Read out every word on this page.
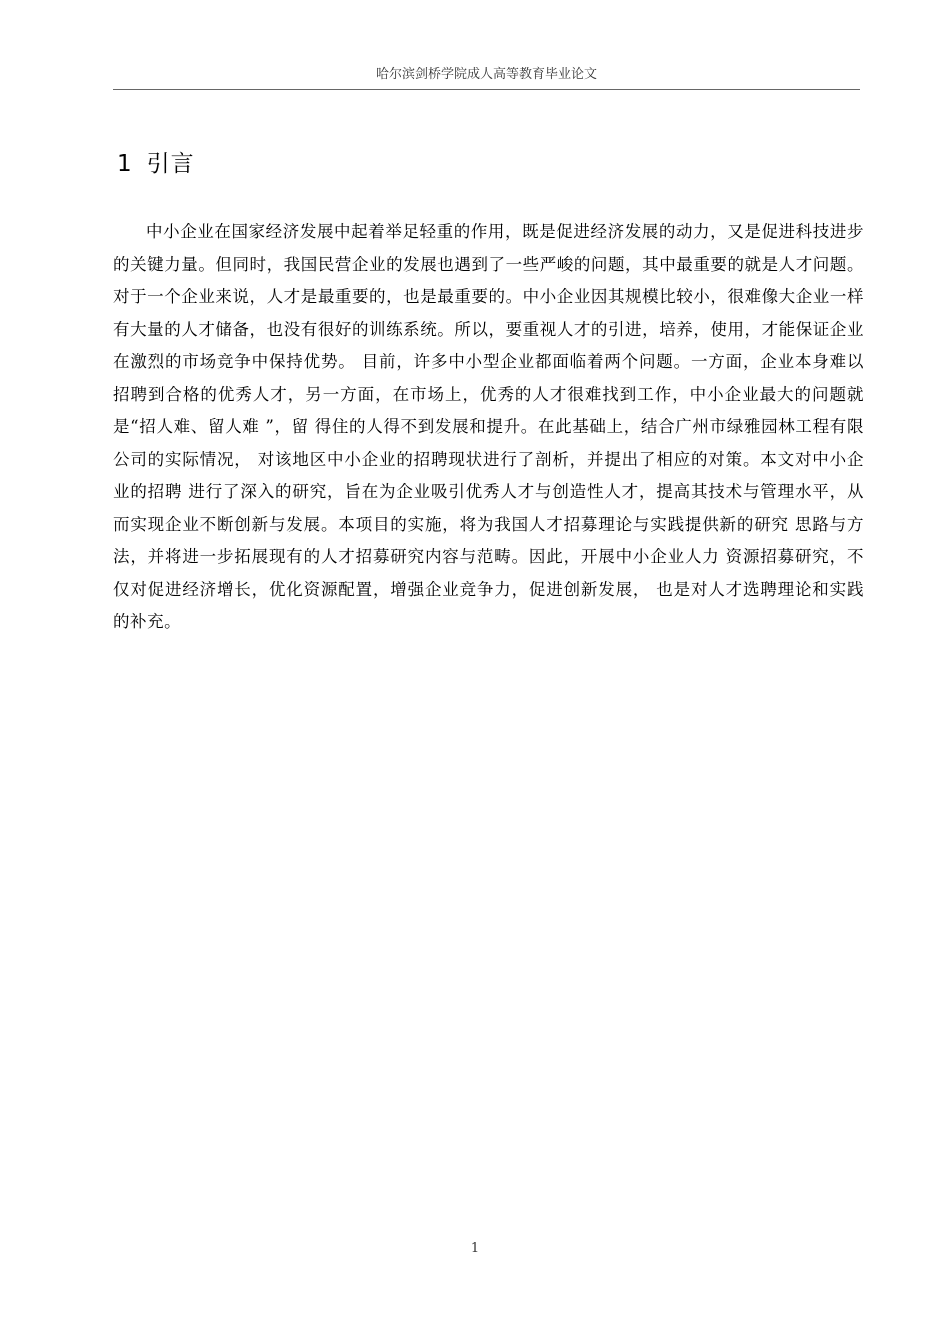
哈尔滨剑桥学院成人高等教育毕业论文
1 引言

中小企业在国家经济发展中起着举足轻重的作用，既是促进经济发展的动力，又是促进科技进步的关键力量。但同时，我国民营企业的发展也遇到了一些严峻的问题，其中最重要的就是人才问题。对于一个企业来说，人才是最重要的，也是最重要的。中小企业因其规模比较小，很难像大企业一样有大量的人才储备，也没有很好的训练系统。所以，要重视人才的引进，培养，使用，才能保证企业在激烈的市场竞争中保持优势。 目前，许多中小型企业都面临着两个问题。一方面，企业本身难以招聘到合格的优秀人才，另一方面，在市场上，优秀的人才很难找到工作，中小企业最大的问题就是“招人难、留人难 ”，留 得住的人得不到发展和提升。在此基础上，结合广州市绿雅园林工程有限公司的实际情况， 对该地区中小企业的招聘现状进行了剖析，并提出了相应的对策。本文对中小企业的招聘 进行了深入的研究，旨在为企业吸引优秀人才与创造性人才，提高其技术与管理水平，从 而实现企业不断创新与发展。本项目的实施，将为我国人才招募理论与实践提供新的研究 思路与方法，并将进一步拓展现有的人才招募研究内容与范畴。因此，开展中小企业人力 资源招募研究，不仅对促进经济增长，优化资源配置，增强企业竞争力，促进创新发展， 也是对人才选聘理论和实践的补充。

1
